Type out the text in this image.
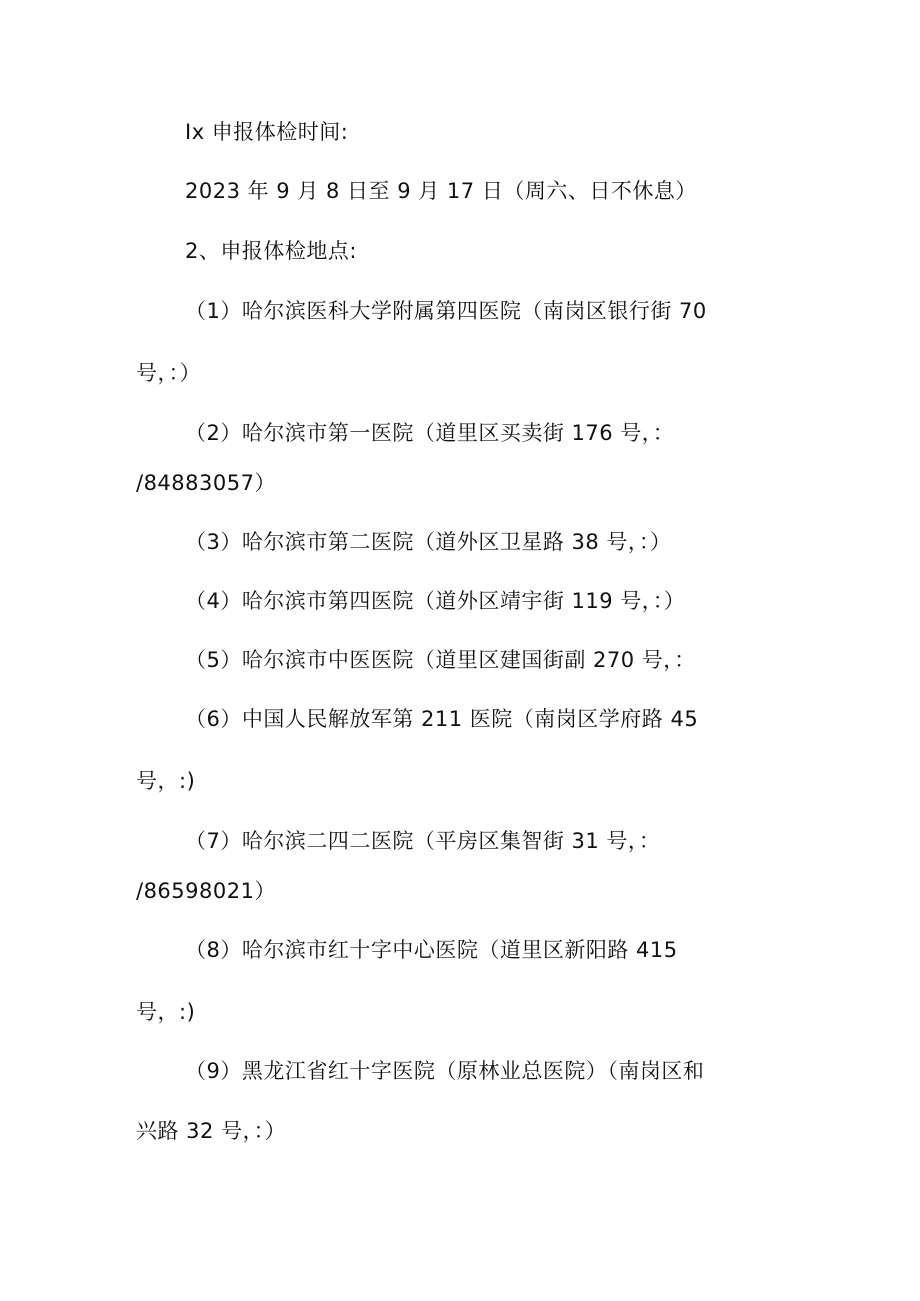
Ix 申报体检时间:
2023 年 9 月 8 日至 9 月 17 日（周六、日不休息）
2、申报体检地点:
（1）哈尔滨医科大学附属第四医院（南岗区银行街 70
号，：）
（2）哈尔滨市第一医院（道里区买卖街 176 号，：
/84883057）
（3）哈尔滨市第二医院（道外区卫星路 38 号，：）
（4）哈尔滨市第四医院（道外区靖宇街 119 号，：）
（5）哈尔滨市中医医院（道里区建国街副 270 号，：
（6）中国人民解放军第 211 医院（南岗区学府路 45
号，:)
（7）哈尔滨二四二医院（平房区集智街 31 号，：
/86598021）
（8）哈尔滨市红十字中心医院（道里区新阳路 415
号，:)
（9）黑龙江省红十字医院（原林业总医院）（南岗区和
兴路 32 号，：）
